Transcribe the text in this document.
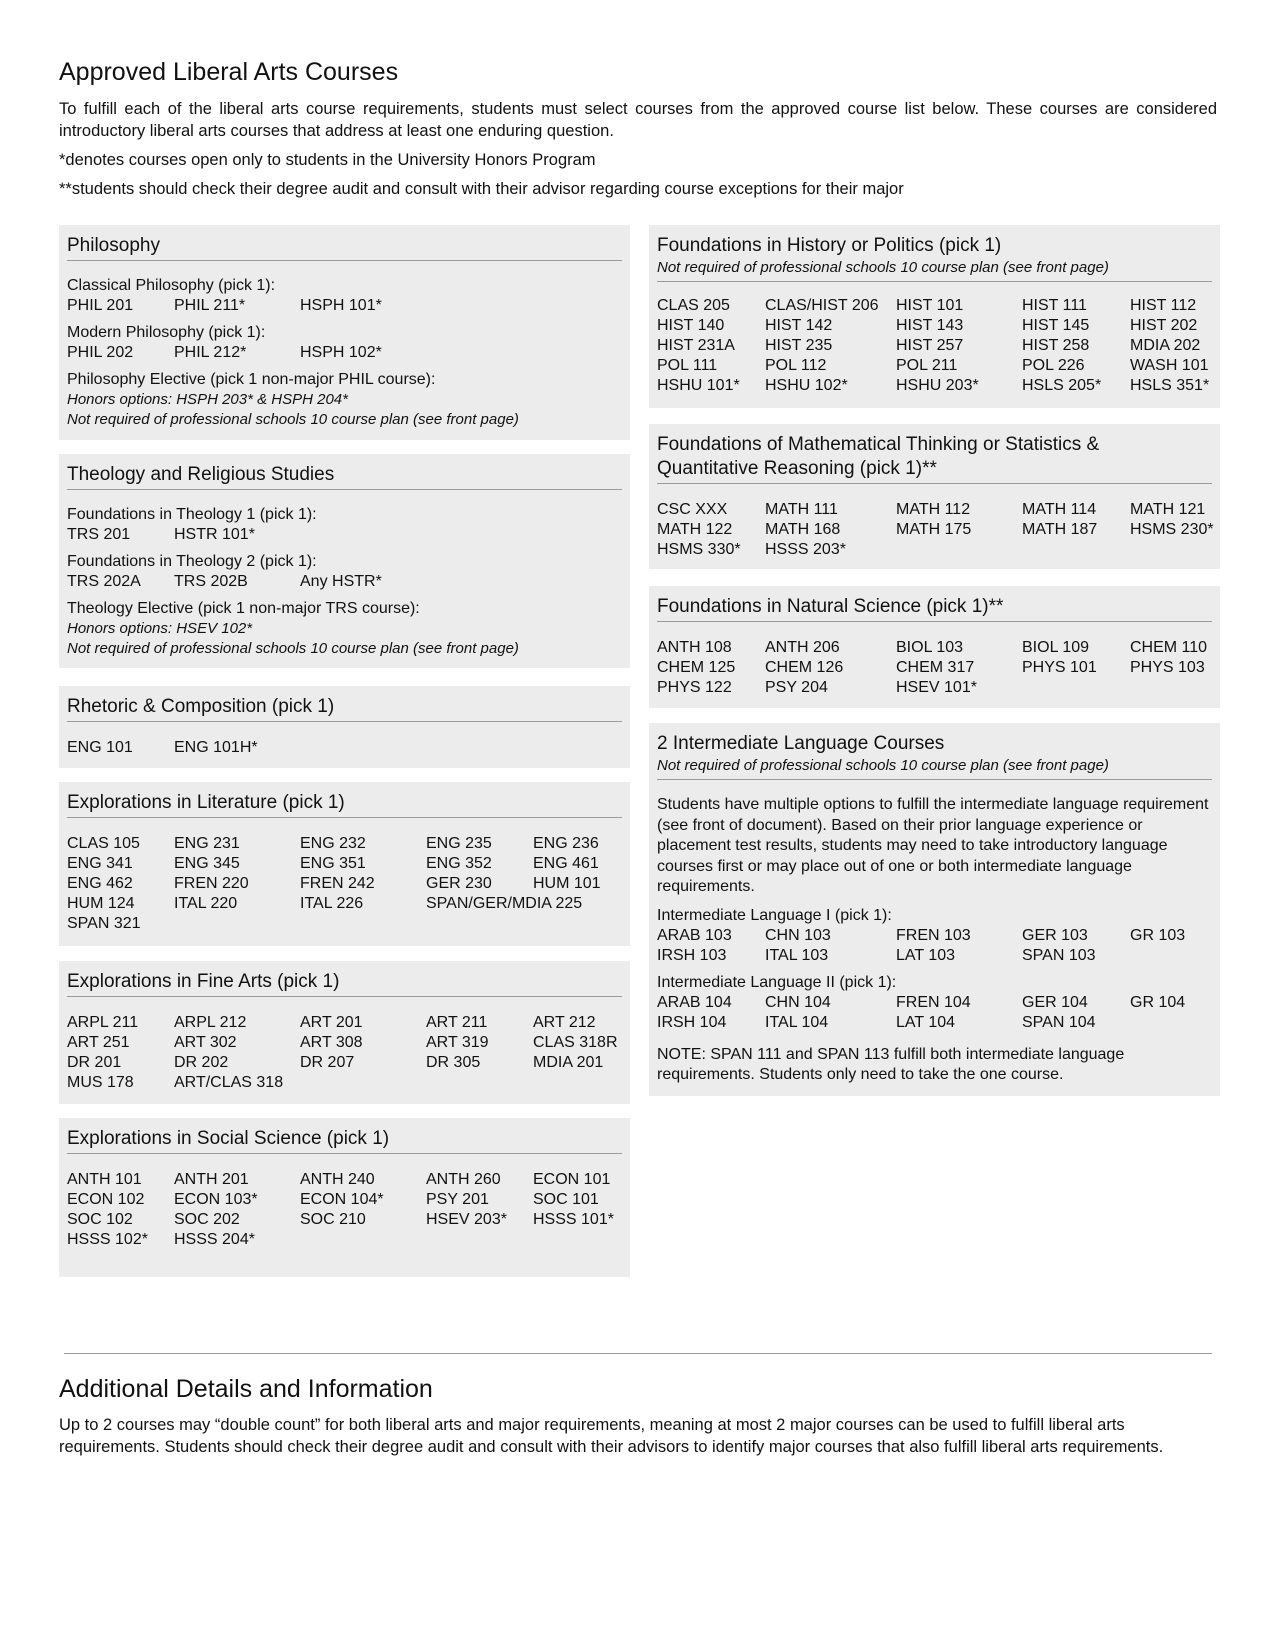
Approved Liberal Arts Courses

To fulfill each of the liberal arts course requirements, students must select courses from the approved course list below. These courses are considered introductory liberal arts courses that address at least one enduring question.

*denotes courses open only to students in the University Honors Program

**students should check their degree audit and consult with their advisor regarding course exceptions for their major

Philosophy

Classical Philosophy (pick 1):

PHIL 201	PHIL 211*	HSPH 101*

Modern Philosophy (pick 1):

PHIL 202	PHIL 212*	HSPH 102*

Philosophy Elective (pick 1 non-major PHIL course):

Honors options: HSPH 203* & HSPH 204*

Not required of professional schools 10 course plan (see front page)

Theology and Religious Studies

Foundations in Theology 1 (pick 1):

TRS 201	HSTR 101*

Foundations in Theology 2 (pick 1):

TRS 202A	TRS 202B	Any HSTR*

Theology Elective (pick 1 non-major TRS course):

Honors options: HSEV 102*

Not required of professional schools 10 course plan (see front page)

Rhetoric & Composition (pick 1)
ENG 101	ENG 101H*
Explorations in Literature (pick 1)
CLAS 105	ENG 231	ENG 232	ENG 235	ENG 236
ENG 341	ENG 345	ENG 351	ENG 352	ENG 461
ENG 462	FREN 220	FREN 242	GER 230	HUM 101
HUM 124	ITAL 220	ITAL 226	SPAN/GER/MDIA 225
SPAN 321
Explorations in Fine Arts (pick 1)
ARPL 211	ARPL 212	ART 201	ART 211	ART 212
ART 251	ART 302	ART 308	ART 319	CLAS 318R
DR 201	DR 202	DR 207	DR 305	MDIA 201
MUS 178	ART/CLAS 318
Explorations in Social Science (pick 1)
ANTH 101	ANTH 201	ANTH 240	ANTH 260	ECON 101
ECON 102	ECON 103*	ECON 104*	PSY 201	SOC 101
SOC 102	SOC 202	SOC 210	HSEV 203*	HSSS 101*
HSSS 102*	HSSS 204*
Foundations in History or Politics (pick 1)

Not required of professional schools 10 course plan (see front page)

CLAS 205	CLAS/HIST 206	HIST 101	HIST 111	HIST 112
HIST 140	HIST 142	HIST 143	HIST 145	HIST 202
HIST 231A	HIST 235	HIST 257	HIST 258	MDIA 202
POL 111	POL 112	POL 211	POL 226	WASH 101
HSHU 101*	HSHU 102*	HSHU 203*	HSLS 205*	HSLS 351*
Foundations of Mathematical Thinking or Statistics &
Quantitative Reasoning (pick 1)**
CSC XXX	MATH 111	MATH 112	MATH 114	MATH 121
MATH 122	MATH 168	MATH 175	MATH 187	HSMS 230*
HSMS 330*	HSSS 203*
Foundations in Natural Science (pick 1)**
ANTH 108	ANTH 206	BIOL 103	BIOL 109	CHEM 110
CHEM 125	CHEM 126	CHEM 317	PHYS 101	PHYS 103
PHYS 122	PSY 204	HSEV 101*
2 Intermediate Language Courses

Not required of professional schools 10 course plan (see front page)

Students have multiple options to fulfill the intermediate language requirement (see front of document). Based on their prior language experience or placement test results, students may need to take introductory language courses first or may place out of one or both intermediate language requirements.

Intermediate Language I (pick 1):

ARAB 103	CHN 103	FREN 103	GER 103	GR 103
IRSH 103	ITAL 103	LAT 103	SPAN 103

Intermediate Language II (pick 1):

ARAB 104	CHN 104	FREN 104	GER 104	GR 104
IRSH 104	ITAL 104	LAT 104	SPAN 104

NOTE: SPAN 111 and SPAN 113 fulfill both intermediate language requirements. Students only need to take the one course.

Additional Details and Information

Up to 2 courses may “double count” for both liberal arts and major requirements, meaning at most 2 major courses can be used to fulfill liberal arts requirements. Students should check their degree audit and consult with their advisors to identify major courses that also fulfill liberal arts requirements.
